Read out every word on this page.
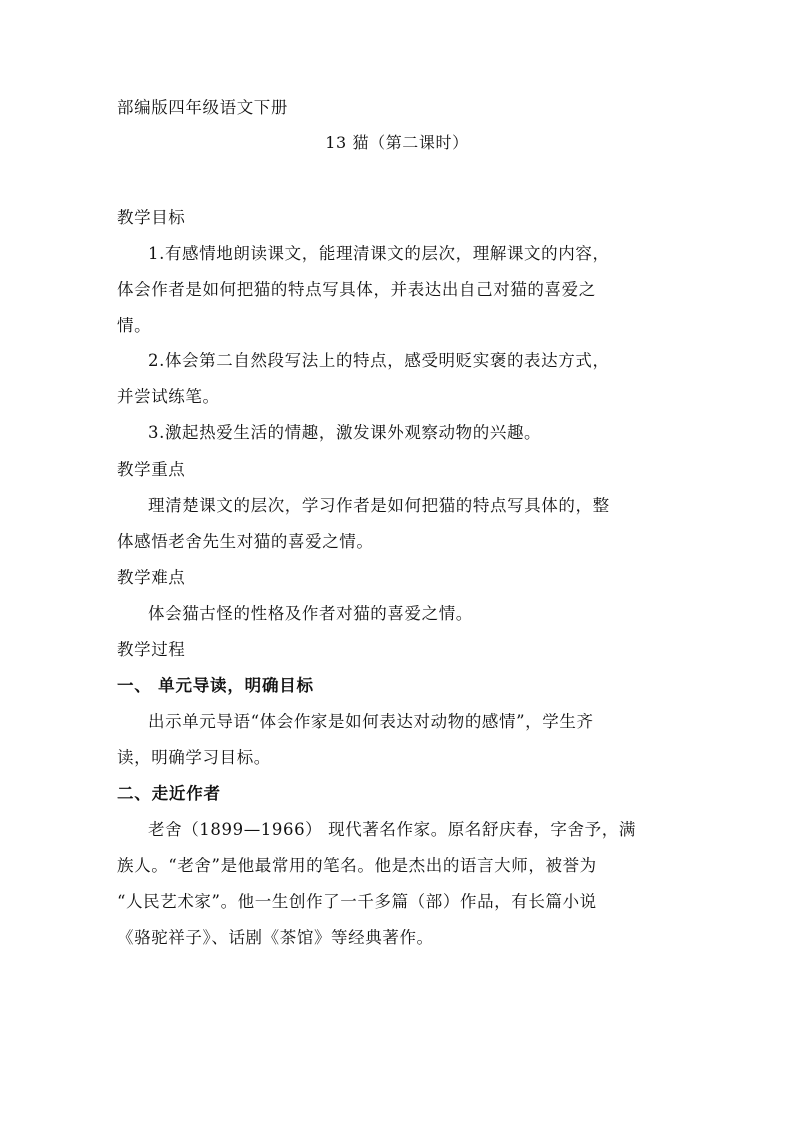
部编版四年级语文下册
13 猫（第二课时）
教学目标
1.有感情地朗读课文，能理清课文的层次，理解课文的内容，
体会作者是如何把猫的特点写具体，并表达出自己对猫的喜爱之
情。
2.体会第二自然段写法上的特点，感受明贬实褒的表达方式，
并尝试练笔。
3.激起热爱生活的情趣，激发课外观察动物的兴趣。
教学重点
理清楚课文的层次，学习作者是如何把猫的特点写具体的，整
体感悟老舍先生对猫的喜爱之情。
教学难点
体会猫古怪的性格及作者对猫的喜爱之情。
教学过程
一、 单元导读，明确目标
出示单元导语“体会作家是如何表达对动物的感情”，学生齐
读，明确学习目标。
二、走近作者
老舍（1899—1966） 现代著名作家。原名舒庆春，字舍予，满
族人。“老舍”是他最常用的笔名。他是杰出的语言大师，被誉为
“人民艺术家”。他一生创作了一千多篇（部）作品，有长篇小说
《骆驼祥子》、话剧《茶馆》等经典著作。
